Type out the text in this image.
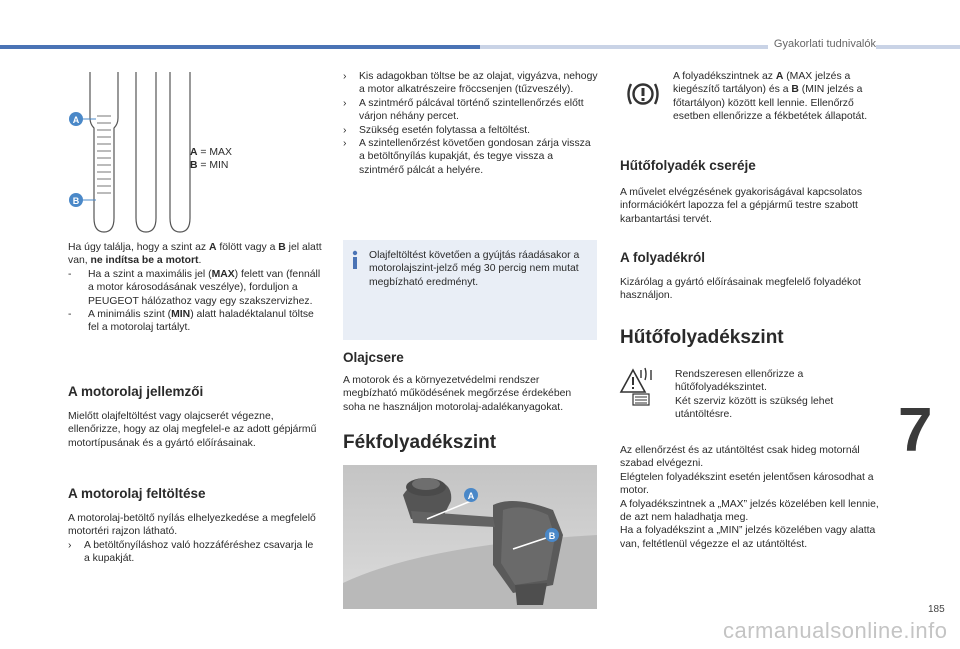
Gyakorlati tudnivalók
A
B
A = MAX
B = MIN
Ha úgy találja, hogy a szint az A fölött vagy a B jel alatt van, ne indítsa be a motort.
- Ha a szint a maximális jel (MAX) felett van (fennáll a motor károsodásának veszélye), forduljon a PEUGEOT hálózathoz vagy egy szakszervizhez.
- A minimális szint (MIN) alatt haladéktalanul töltse fel a motorolaj tartályt.
A motorolaj jellemzői
Mielőtt olajfeltöltést vagy olajcserét végezne, ellenőrizze, hogy az olaj megfelel-e az adott gépjármű motortípusának és a gyártó előírásainak.
A motorolaj feltöltése
A motorolaj-betöltő nyílás elhelyezkedése a megfelelő motortéri rajzon látható.
› A betöltőnyíláshoz való hozzáféréshez csavarja le a kupakját.
› Kis adagokban töltse be az olajat, vigyázva, nehogy a motor alkatrészeire fröccsenjen (tűzveszély).
› A szintmérő pálcával történő szintellenőrzés előtt várjon néhány percet.
› Szükség esetén folytassa a feltöltést.
› A szintellenőrzést követően gondosan zárja vissza a betöltőnyílás kupakját, és tegye vissza a szintmérő pálcát a helyére.
Olajfeltöltést követően a gyújtás ráadásakor a motorolajszint-jelző még 30 percig nem mutat megbízható eredményt.
Olajcsere
A motorok és a környezetvédelmi rendszer megbízható működésének megőrzése érdekében soha ne használjon motorolaj-adalékanyagokat.
Fékfolyadékszint
A
B
A folyadékszintnek az A (MAX jelzés a kiegészítő tartályon) és a B (MIN jelzés a főtartályon) között kell lennie. Ellenőrző esetben ellenőrizze a fékbetétek állapotát.
Hűtőfolyadék cseréje
A művelet elvégzésének gyakoriságával kapcsolatos információkért lapozza fel a gépjármű testre szabott karbantartási tervét.
A folyadékról
Kizárólag a gyártó előírásainak megfelelő folyadékot használjon.
Hűtőfolyadékszint
Rendszeresen ellenőrizze a hűtőfolyadékszintet.
Két szerviz között is szükség lehet utántöltésre.
Az ellenőrzést és az utántöltést csak hideg motornál szabad elvégezni.
Elégtelen folyadékszint esetén jelentősen károsodhat a motor.
A folyadékszintnek a „MAX” jelzés közelében kell lennie, de azt nem haladhatja meg.
Ha a folyadékszint a „MIN” jelzés közelében vagy alatta van, feltétlenül végezze el az utántöltést.
7
185
carmanualsonline.info
